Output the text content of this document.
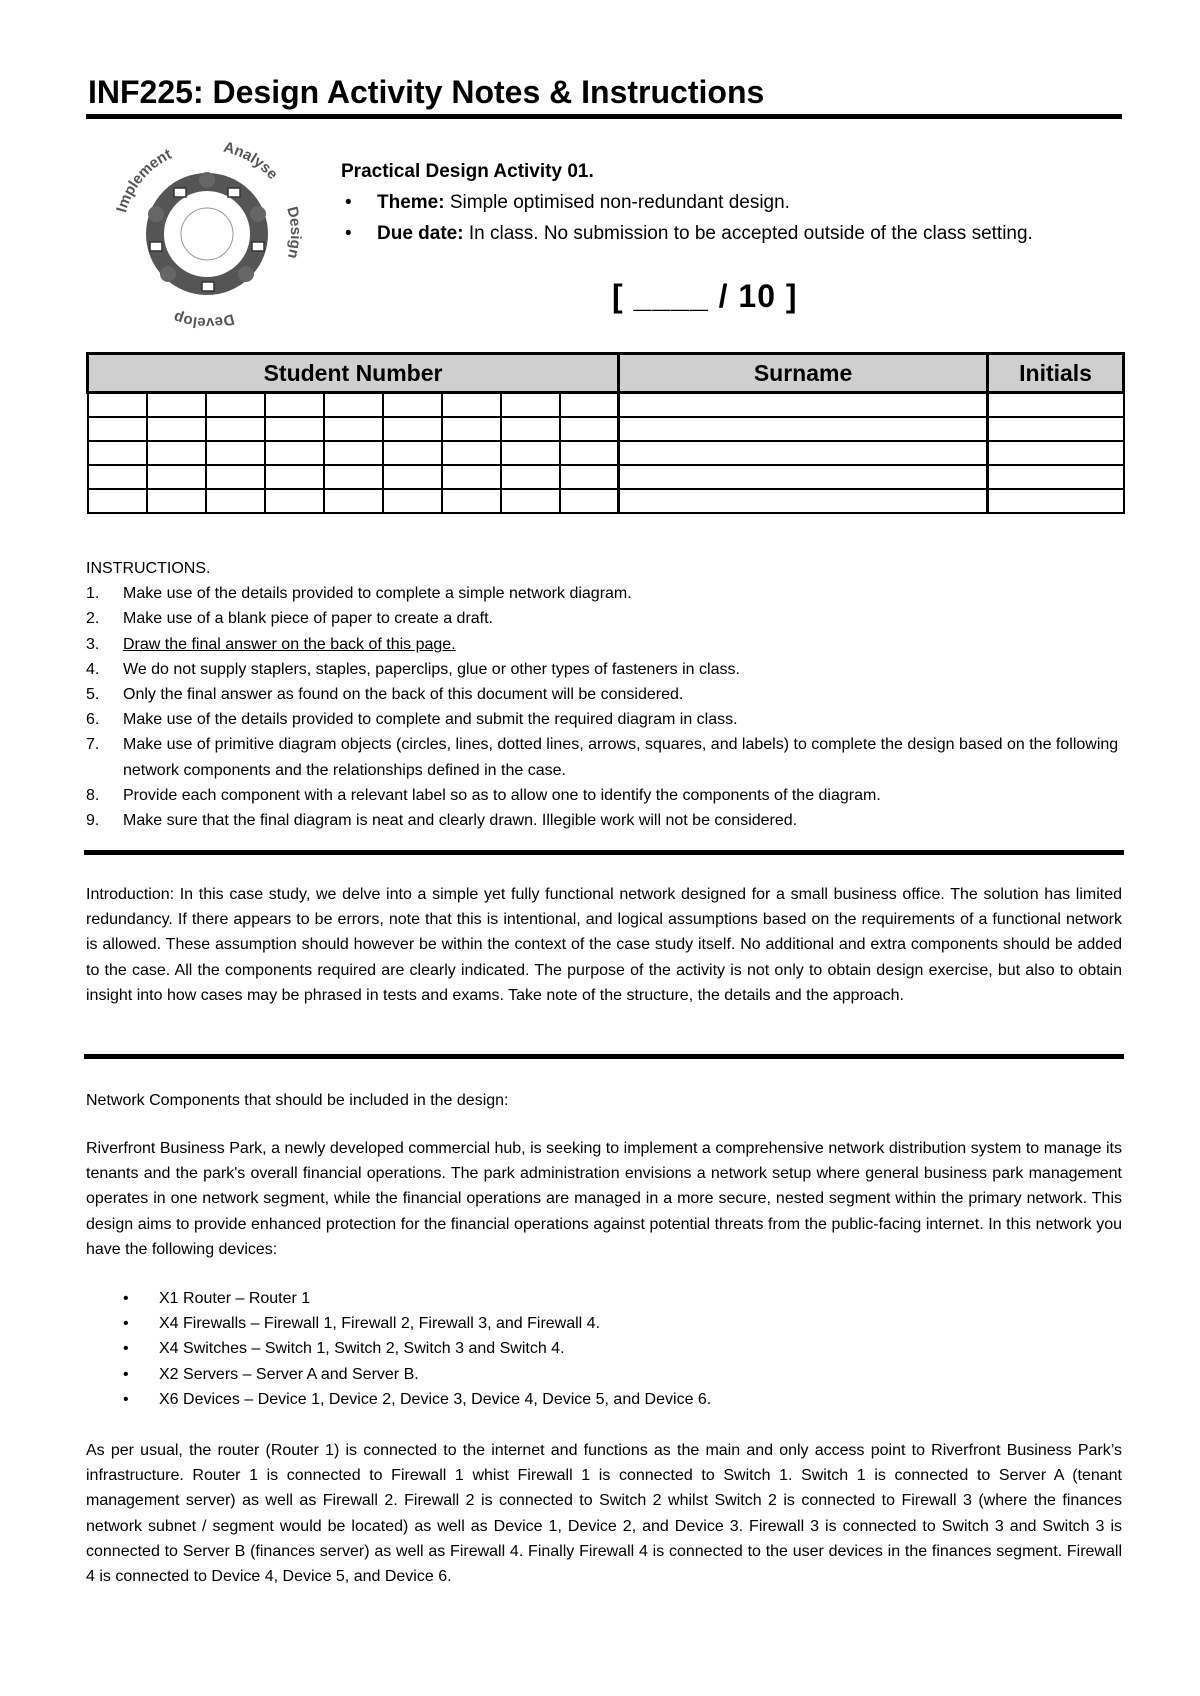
INF225: Design Activity Notes & Instructions
Analyse
Design
Develop
Implement
Practical Design Activity 01.
• Theme: Simple optimised non-redundant design.
• Due date: In class. No submission to be accepted outside of the class setting.
[ ____ / 10 ]
Student Number									Surname	Initials

INSTRUCTIONS.
1. Make use of the details provided to complete a simple network diagram.
2. Make use of a blank piece of paper to create a draft.
3. Draw the final answer on the back of this page.
4. We do not supply staplers, staples, paperclips, glue or other types of fasteners in class.
5. Only the final answer as found on the back of this document will be considered.
6. Make use of the details provided to complete and submit the required diagram in class.
7. Make use of primitive diagram objects (circles, lines, dotted lines, arrows, squares, and labels) to complete the design based on the following network components and the relationships defined in the case.
8. Provide each component with a relevant label so as to allow one to identify the components of the diagram.
9. Make sure that the final diagram is neat and clearly drawn. Illegible work will not be considered.

Introduction: In this case study, we delve into a simple yet fully functional network designed for a small business office. The solution has limited redundancy. If there appears to be errors, note that this is intentional, and logical assumptions based on the requirements of a functional network is allowed. These assumption should however be within the context of the case study itself. No additional and extra components should be added to the case. All the components required are clearly indicated. The purpose of the activity is not only to obtain design exercise, but also to obtain insight into how cases may be phrased in tests and exams. Take note of the structure, the details and the approach.

Network Components that should be included in the design:

Riverfront Business Park, a newly developed commercial hub, is seeking to implement a comprehensive network distribution system to manage its tenants and the park's overall financial operations. The park administration envisions a network setup where general business park management operates in one network segment, while the financial operations are managed in a more secure, nested segment within the primary network. This design aims to provide enhanced protection for the financial operations against potential threats from the public-facing internet. In this network you have the following devices:

• X1 Router – Router 1
• X4 Firewalls – Firewall 1, Firewall 2, Firewall 3, and Firewall 4.
• X4 Switches – Switch 1, Switch 2, Switch 3 and Switch 4.
• X2 Servers – Server A and Server B.
• X6 Devices – Device 1, Device 2, Device 3, Device 4, Device 5, and Device 6.

As per usual, the router (Router 1) is connected to the internet and functions as the main and only access point to Riverfront Business Park’s infrastructure. Router 1 is connected to Firewall 1 whist Firewall 1 is connected to Switch 1. Switch 1 is connected to Server A (tenant management server) as well as Firewall 2. Firewall 2 is connected to Switch 2 whilst Switch 2 is connected to Firewall 3 (where the finances network subnet / segment would be located) as well as Device 1, Device 2, and Device 3. Firewall 3 is connected to Switch 3 and Switch 3 is connected to Server B (finances server) as well as Firewall 4. Finally Firewall 4 is connected to the user devices in the finances segment. Firewall 4 is connected to Device 4, Device 5, and Device 6.
